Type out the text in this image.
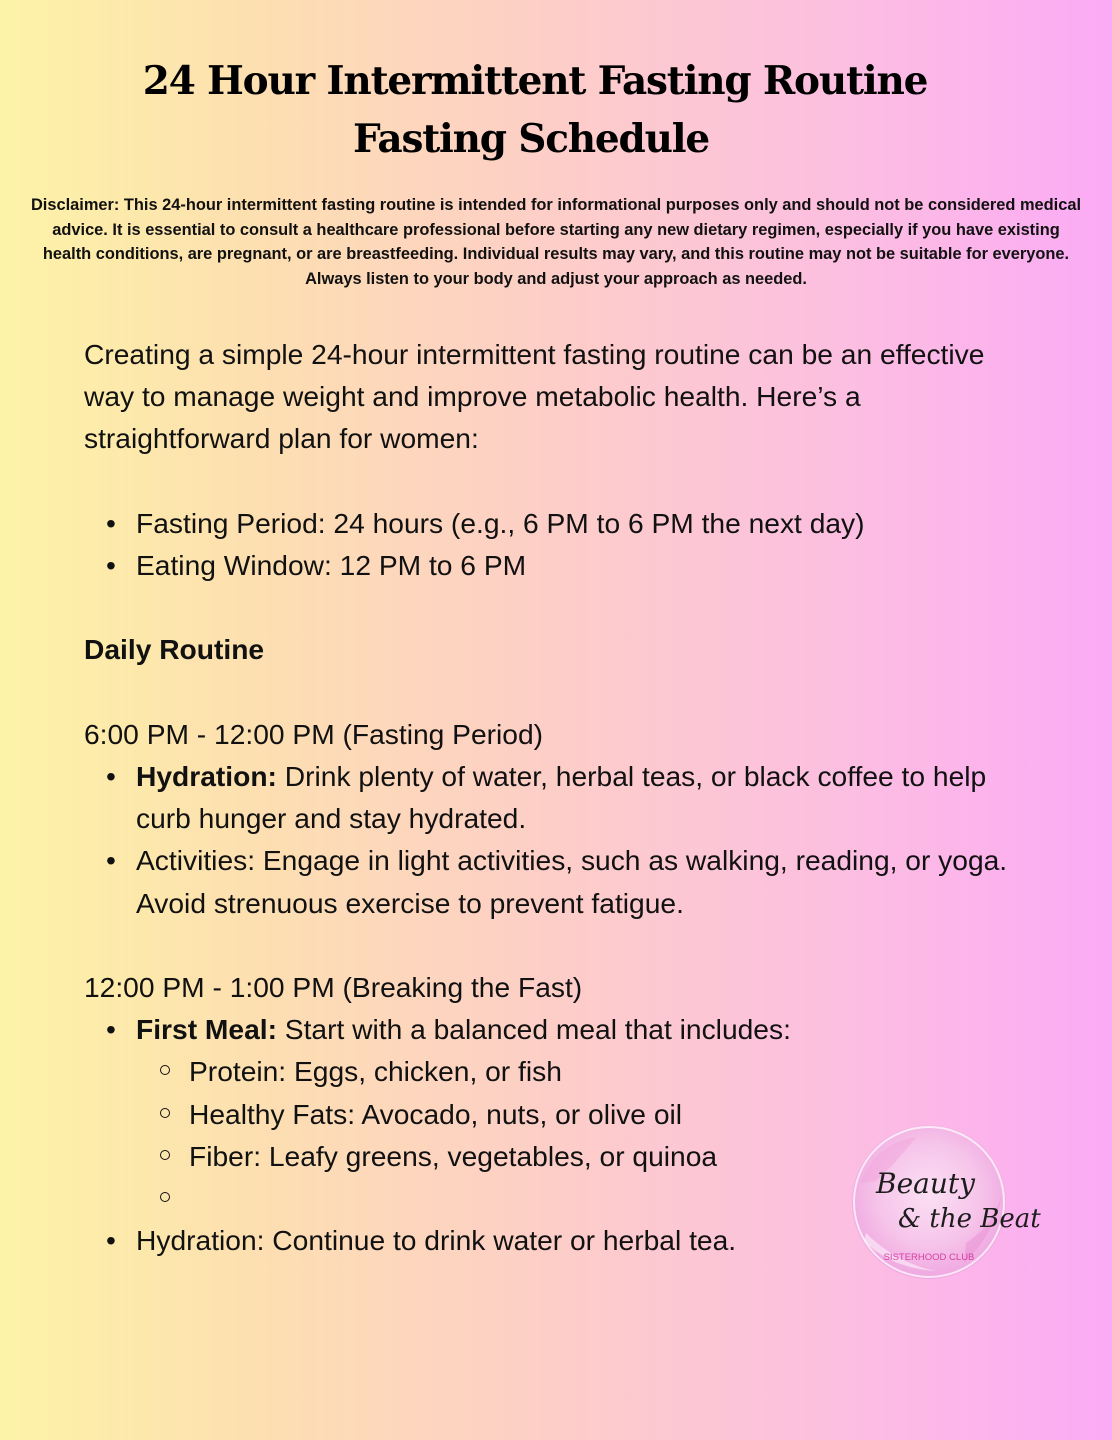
24 Hour Intermittent Fasting Routine
Fasting Schedule

Disclaimer: This 24-hour intermittent fasting routine is intended for informational purposes only and should not be considered medical advice. It is essential to consult a healthcare professional before starting any new dietary regimen, especially if you have existing health conditions, are pregnant, or are breastfeeding. Individual results may vary, and this routine may not be suitable for everyone. Always listen to your body and adjust your approach as needed.

Creating a simple 24-hour intermittent fasting routine can be an effective way to manage weight and improve metabolic health. Here’s a straightforward plan for women:

• Fasting Period: 24 hours (e.g., 6 PM to 6 PM the next day)
• Eating Window: 12 PM to 6 PM

Daily Routine

6:00 PM - 12:00 PM (Fasting Period)

• Hydration: Drink plenty of water, herbal teas, or black coffee to help curb hunger and stay hydrated.
• Activities: Engage in light activities, such as walking, reading, or yoga. Avoid strenuous exercise to prevent fatigue.

12:00 PM - 1:00 PM (Breaking the Fast)

• First Meal: Start with a balanced meal that includes:
Protein: Eggs, chicken, or fish
Healthy Fats: Avocado, nuts, or olive oil
Fiber: Leafy greens, vegetables, or quinoa
• Hydration: Continue to drink water or herbal tea.
Beauty
& the Beat
SISTERHOOD CLUB
